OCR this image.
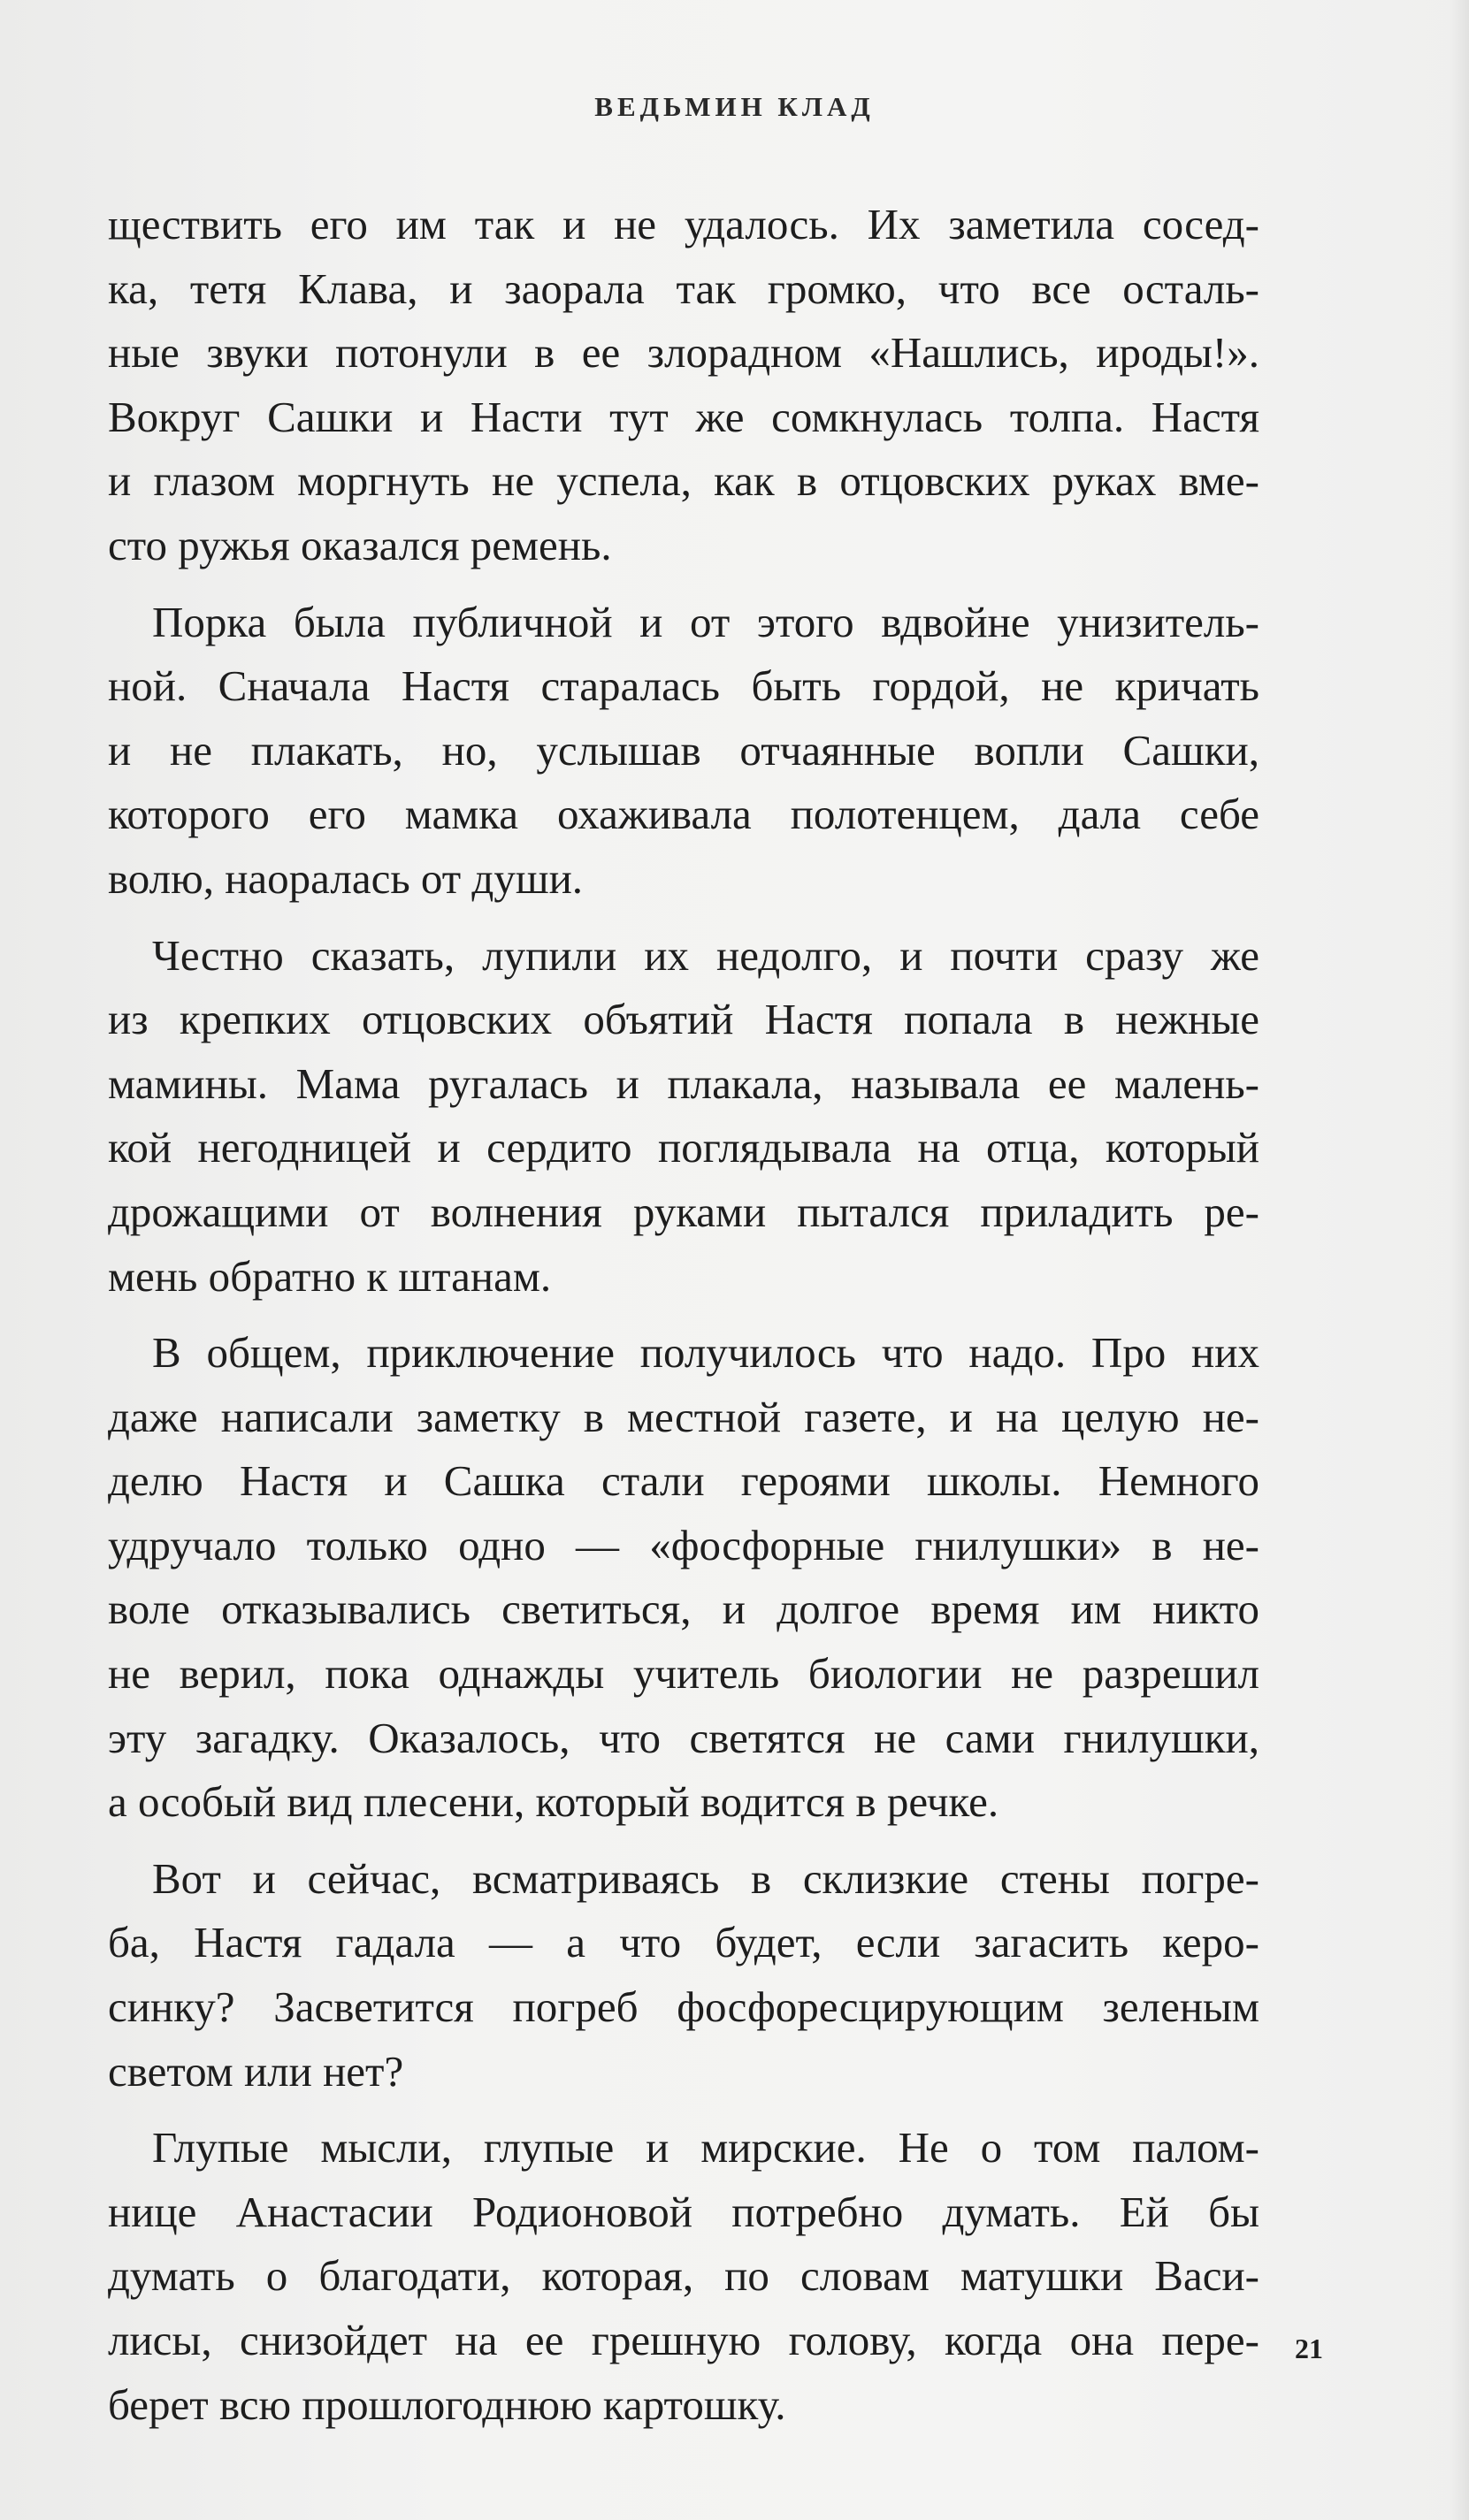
ВЕДЬМИН КЛАД
ществить его им так и не удалось. Их заметила сосед-
ка, тетя Клава, и заорала так громко, что все осталь-
ные звуки потонули в ее злорадном «Нашлись, ироды!».
Вокруг Сашки и Насти тут же сомкнулась толпа. Настя
и глазом моргнуть не успела, как в отцовских руках вме-
сто ружья оказался ремень.
Порка была публичной и от этого вдвойне унизитель-
ной. Сначала Настя старалась быть гордой, не кричать
и не плакать, но, услышав отчаянные вопли Сашки,
которого его мамка охаживала полотенцем, дала себе
волю, наоралась от души.
Честно сказать, лупили их недолго, и почти сразу же
из крепких отцовских объятий Настя попала в нежные
мамины. Мама ругалась и плакала, называла ее малень-
кой негодницей и сердито поглядывала на отца, который
дрожащими от волнения руками пытался приладить ре-
мень обратно к штанам.
В общем, приключение получилось что надо. Про них
даже написали заметку в местной газете, и на целую не-
делю Настя и Сашка стали героями школы. Немного
удручало только одно — «фосфорные гнилушки» в не-
воле отказывались светиться, и долгое время им никто
не верил, пока однажды учитель биологии не разрешил
эту загадку. Оказалось, что светятся не сами гнилушки,
а особый вид плесени, который водится в речке.
Вот и сейчас, всматриваясь в склизкие стены погре-
ба, Настя гадала — а что будет, если загасить керо-
синку? Засветится погреб фосфоресцирующим зеленым
светом или нет?
Глупые мысли, глупые и мирские. Не о том палом-
нице Анастасии Родионовой потребно думать. Ей бы
думать о благодати, которая, по словам матушки Васи-
лисы, снизойдет на ее грешную голову, когда она пере-
берет всю прошлогоднюю картошку.
21
